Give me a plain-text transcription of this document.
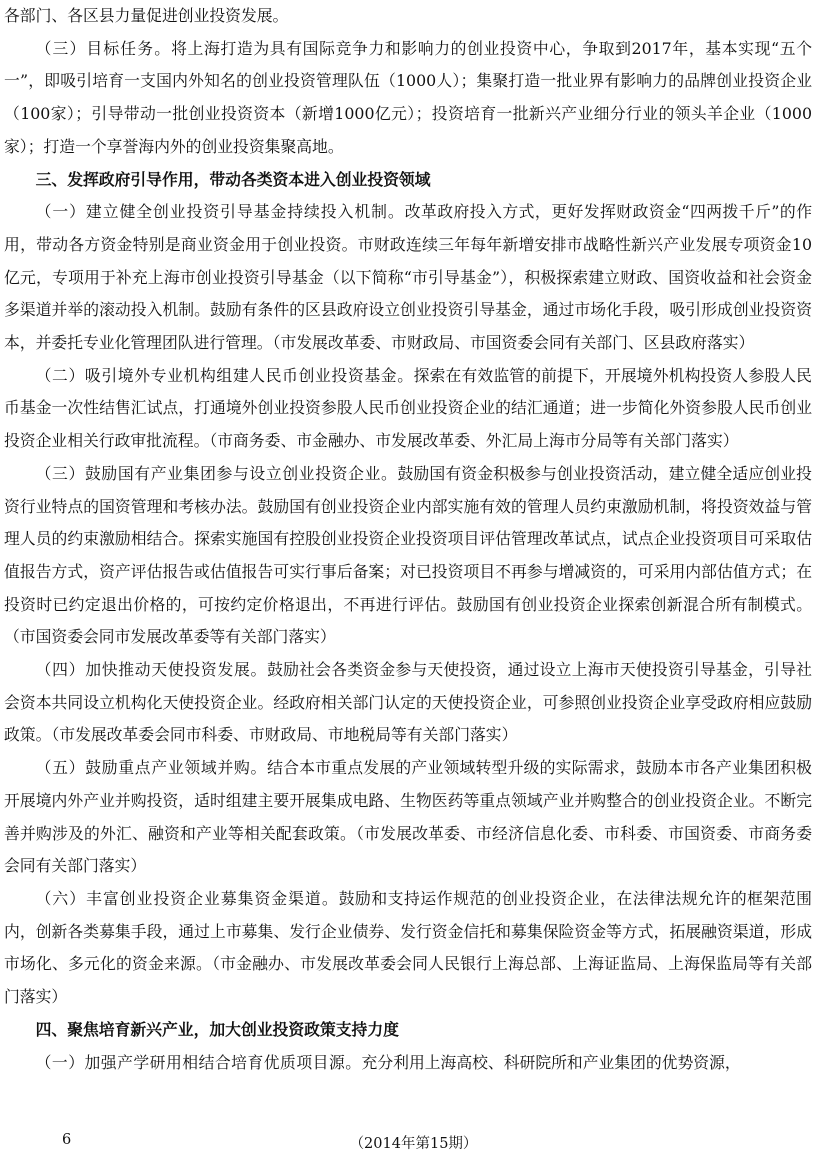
各部门、各区县力量促进创业投资发展。

（三）目标任务。将上海打造为具有国际竞争力和影响力的创业投资中心，争取到2017年，基本实现“五个一”，即吸引培育一支国内外知名的创业投资管理队伍（1000人）；集聚打造一批业界有影响力的品牌创业投资企业（100家）；引导带动一批创业投资资本（新增1000亿元）；投资培育一批新兴产业细分行业的领头羊企业（1000家）；打造一个享誉海内外的创业投资集聚高地。

三、发挥政府引导作用，带动各类资本进入创业投资领域

（一）建立健全创业投资引导基金持续投入机制。改革政府投入方式，更好发挥财政资金“四两拨千斤”的作用，带动各方资金特别是商业资金用于创业投资。市财政连续三年每年新增安排市战略性新兴产业发展专项资金10亿元，专项用于补充上海市创业投资引导基金（以下简称“市引导基金”），积极探索建立财政、国资收益和社会资金多渠道并举的滚动投入机制。鼓励有条件的区县政府设立创业投资引导基金，通过市场化手段，吸引形成创业投资资本，并委托专业化管理团队进行管理。（市发展改革委、市财政局、市国资委会同有关部门、区县政府落实）

（二）吸引境外专业机构组建人民币创业投资基金。探索在有效监管的前提下，开展境外机构投资人参股人民币基金一次性结售汇试点，打通境外创业投资参股人民币创业投资企业的结汇通道；进一步简化外资参股人民币创业投资企业相关行政审批流程。（市商务委、市金融办、市发展改革委、外汇局上海市分局等有关部门落实）

（三）鼓励国有产业集团参与设立创业投资企业。鼓励国有资金积极参与创业投资活动，建立健全适应创业投资行业特点的国资管理和考核办法。鼓励国有创业投资企业内部实施有效的管理人员约束激励机制，将投资效益与管理人员的约束激励相结合。探索实施国有控股创业投资企业投资项目评估管理改革试点，试点企业投资项目可采取估值报告方式，资产评估报告或估值报告可实行事后备案；对已投资项目不再参与增减资的，可采用内部估值方式；在投资时已约定退出价格的，可按约定价格退出，不再进行评估。鼓励国有创业投资企业探索创新混合所有制模式。（市国资委会同市发展改革委等有关部门落实）

（四）加快推动天使投资发展。鼓励社会各类资金参与天使投资，通过设立上海市天使投资引导基金，引导社会资本共同设立机构化天使投资企业。经政府相关部门认定的天使投资企业，可参照创业投资企业享受政府相应鼓励政策。（市发展改革委会同市科委、市财政局、市地税局等有关部门落实）

（五）鼓励重点产业领域并购。结合本市重点发展的产业领域转型升级的实际需求，鼓励本市各产业集团积极开展境内外产业并购投资，适时组建主要开展集成电路、生物医药等重点领域产业并购整合的创业投资企业。不断完善并购涉及的外汇、融资和产业等相关配套政策。（市发展改革委、市经济信息化委、市科委、市国资委、市商务委会同有关部门落实）

（六）丰富创业投资企业募集资金渠道。鼓励和支持运作规范的创业投资企业，在法律法规允许的框架范围内，创新各类募集手段，通过上市募集、发行企业债券、发行资金信托和募集保险资金等方式，拓展融资渠道，形成市场化、多元化的资金来源。（市金融办、市发展改革委会同人民银行上海总部、上海证监局、上海保监局等有关部门落实）

四、聚焦培育新兴产业，加大创业投资政策支持力度

（一）加强产学研用相结合培育优质项目源。充分利用上海高校、科研院所和产业集团的优势资源，

6	（2014年第15期）
